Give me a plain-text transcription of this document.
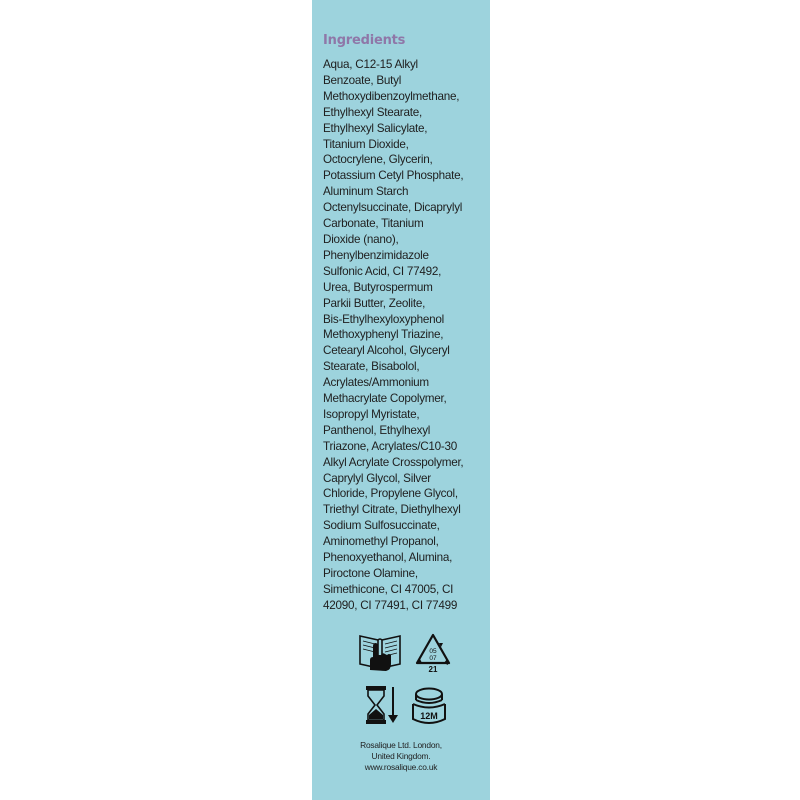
Ingredients
Aqua, C12-15 Alkyl
Benzoate, Butyl
Methoxydibenzoylmethane,
Ethylhexyl Stearate,
Ethylhexyl Salicylate,
Titanium Dioxide,
Octocrylene, Glycerin,
Potassium Cetyl Phosphate,
Aluminum Starch
Octenylsuccinate, Dicaprylyl
Carbonate, Titanium
Dioxide (nano),
Phenylbenzimidazole
Sulfonic Acid, CI 77492,
Urea, Butyrospermum
Parkii Butter, Zeolite,
Bis-Ethylhexyloxyphenol
Methoxyphenyl Triazine,
Cetearyl Alcohol, Glyceryl
Stearate, Bisabolol,
Acrylates/Ammonium
Methacrylate Copolymer,
Isopropyl Myristate,
Panthenol, Ethylhexyl
Triazone, Acrylates/C10-30
Alkyl Acrylate Crosspolymer,
Caprylyl Glycol, Silver
Chloride, Propylene Glycol,
Triethyl Citrate, Diethylhexyl
Sodium Sulfosuccinate,
Aminomethyl Propanol,
Phenoxyethanol, Alumina,
Piroctone Olamine,
Simethicone, CI 47005, CI
42090, CI 77491, CI 77499
05
07
21
12M
Rosalique Ltd. London,
United Kingdom.
www.rosalique.co.uk
